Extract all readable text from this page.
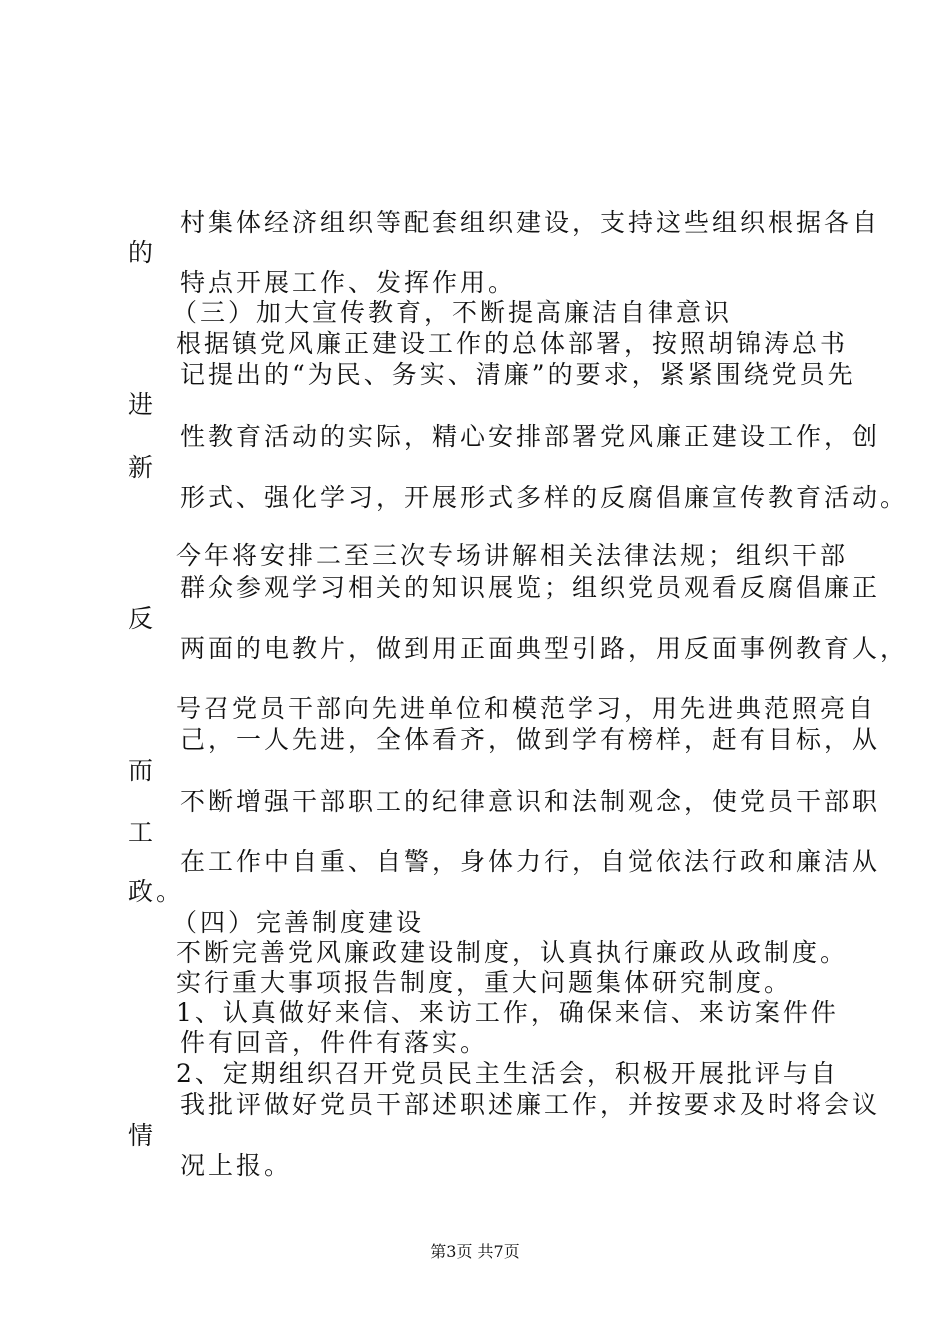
村集体经济组织等配套组织建设，支持这些组织根据各自
的
特点开展工作、发挥作用。
（三）加大宣传教育，不断提高廉洁自律意识
根据镇党风廉正建设工作的总体部署，按照胡锦涛总书
记提出的“为民、务实、清廉”的要求，紧紧围绕党员先
进
性教育活动的实际，精心安排部署党风廉正建设工作，创
新
形式、强化学习，开展形式多样的反腐倡廉宣传教育活动。
今年将安排二至三次专场讲解相关法律法规；组织干部
群众参观学习相关的知识展览；组织党员观看反腐倡廉正
反
两面的电教片，做到用正面典型引路，用反面事例教育人，
号召党员干部向先进单位和模范学习，用先进典范照亮自
己，一人先进，全体看齐，做到学有榜样，赶有目标，从
而
不断增强干部职工的纪律意识和法制观念，使党员干部职
工
在工作中自重、自警，身体力行，自觉依法行政和廉洁从
政。
（四）完善制度建设
不断完善党风廉政建设制度，认真执行廉政从政制度。
实行重大事项报告制度，重大问题集体研究制度。
1、认真做好来信、来访工作，确保来信、来访案件件
件有回音，件件有落实。
2、定期组织召开党员民主生活会，积极开展批评与自
我批评做好党员干部述职述廉工作，并按要求及时将会议
情
况上报。
第3页 共7页
